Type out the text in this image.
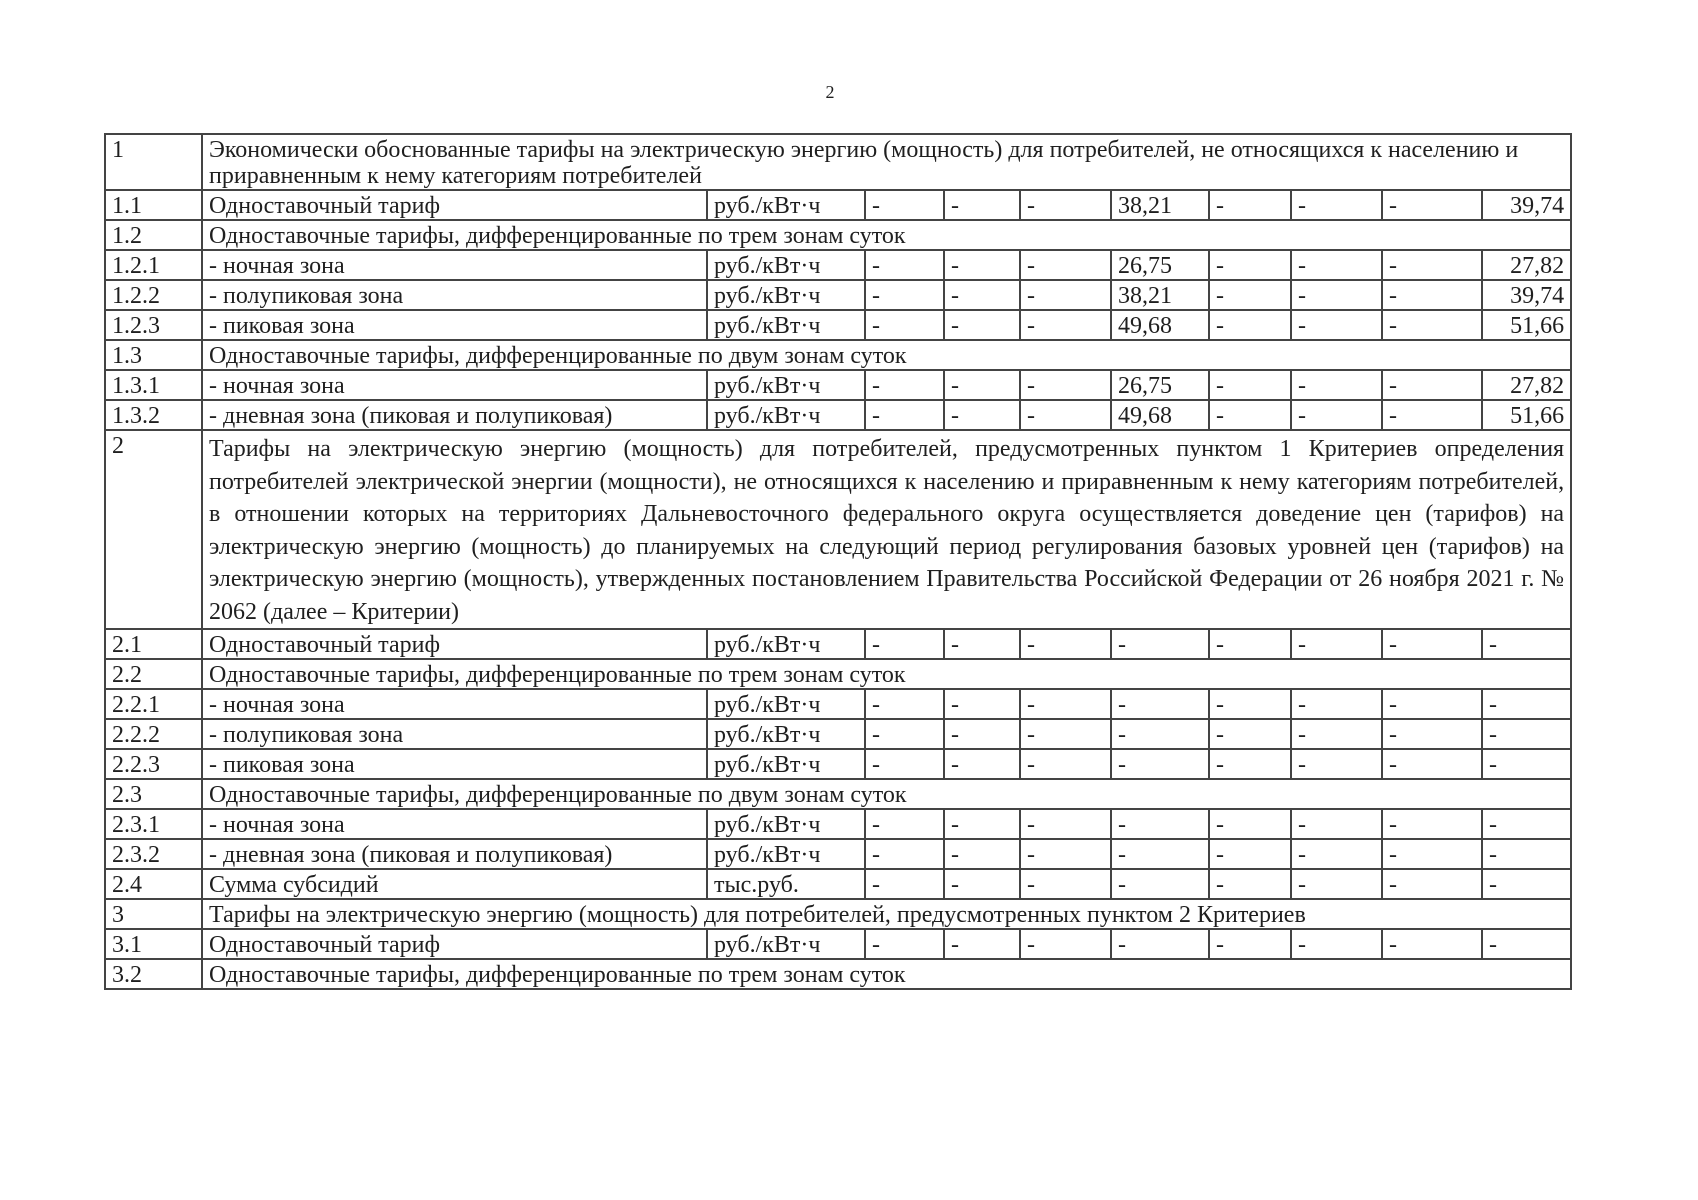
2
1	Экономически обоснованные тарифы на электрическую энергию (мощность) для потребителей, не относящихся к населению и приравненным к нему категориям потребителей									
1.1	Одноставочный тариф	руб./кВт·ч	-	-	-	38,21	-	-	-	39,74
1.2	Одноставочные тарифы, дифференцированные по трем зонам суток									
1.2.1	- ночная зона	руб./кВт·ч	-	-	-	26,75	-	-	-	27,82
1.2.2	- полупиковая зона	руб./кВт·ч	-	-	-	38,21	-	-	-	39,74
1.2.3	- пиковая зона	руб./кВт·ч	-	-	-	49,68	-	-	-	51,66
1.3	Одноставочные тарифы, дифференцированные по двум зонам суток									
1.3.1	- ночная зона	руб./кВт·ч	-	-	-	26,75	-	-	-	27,82
1.3.2	- дневная зона (пиковая и полупиковая)	руб./кВт·ч	-	-	-	49,68	-	-	-	51,66
2	Тарифы на электрическую энергию (мощность) для потребителей, предусмотренных пунктом 1 Критериев определения потребителей электрической энергии (мощности), не относящихся к населению и приравненным к нему категориям потребителей, в отношении которых на территориях Дальневосточного федерального округа осуществляется доведение цен (тарифов) на электрическую энергию (мощность) до планируемых на следующий период регулирования базовых уровней цен (тарифов) на электрическую энергию (мощность), утвержденных постановлением Правительства Российской Федерации от 26 ноября 2021 г. № 2062 (далее – Критерии)									
2.1	Одноставочный тариф	руб./кВт·ч	-	-	-	-	-	-	-	-
2.2	Одноставочные тарифы, дифференцированные по трем зонам суток									
2.2.1	- ночная зона	руб./кВт·ч	-	-	-	-	-	-	-	-
2.2.2	- полупиковая зона	руб./кВт·ч	-	-	-	-	-	-	-	-
2.2.3	- пиковая зона	руб./кВт·ч	-	-	-	-	-	-	-	-
2.3	Одноставочные тарифы, дифференцированные по двум зонам суток									
2.3.1	- ночная зона	руб./кВт·ч	-	-	-	-	-	-	-	-
2.3.2	- дневная зона (пиковая и полупиковая)	руб./кВт·ч	-	-	-	-	-	-	-	-
2.4	Сумма субсидий	тыс.руб.	-	-	-	-	-	-	-	-
3	Тарифы на электрическую энергию (мощность) для потребителей, предусмотренных пунктом 2 Критериев									
3.1	Одноставочный тариф	руб./кВт·ч	-	-	-	-	-	-	-	-
3.2	Одноставочные тарифы, дифференцированные по трем зонам суток									
